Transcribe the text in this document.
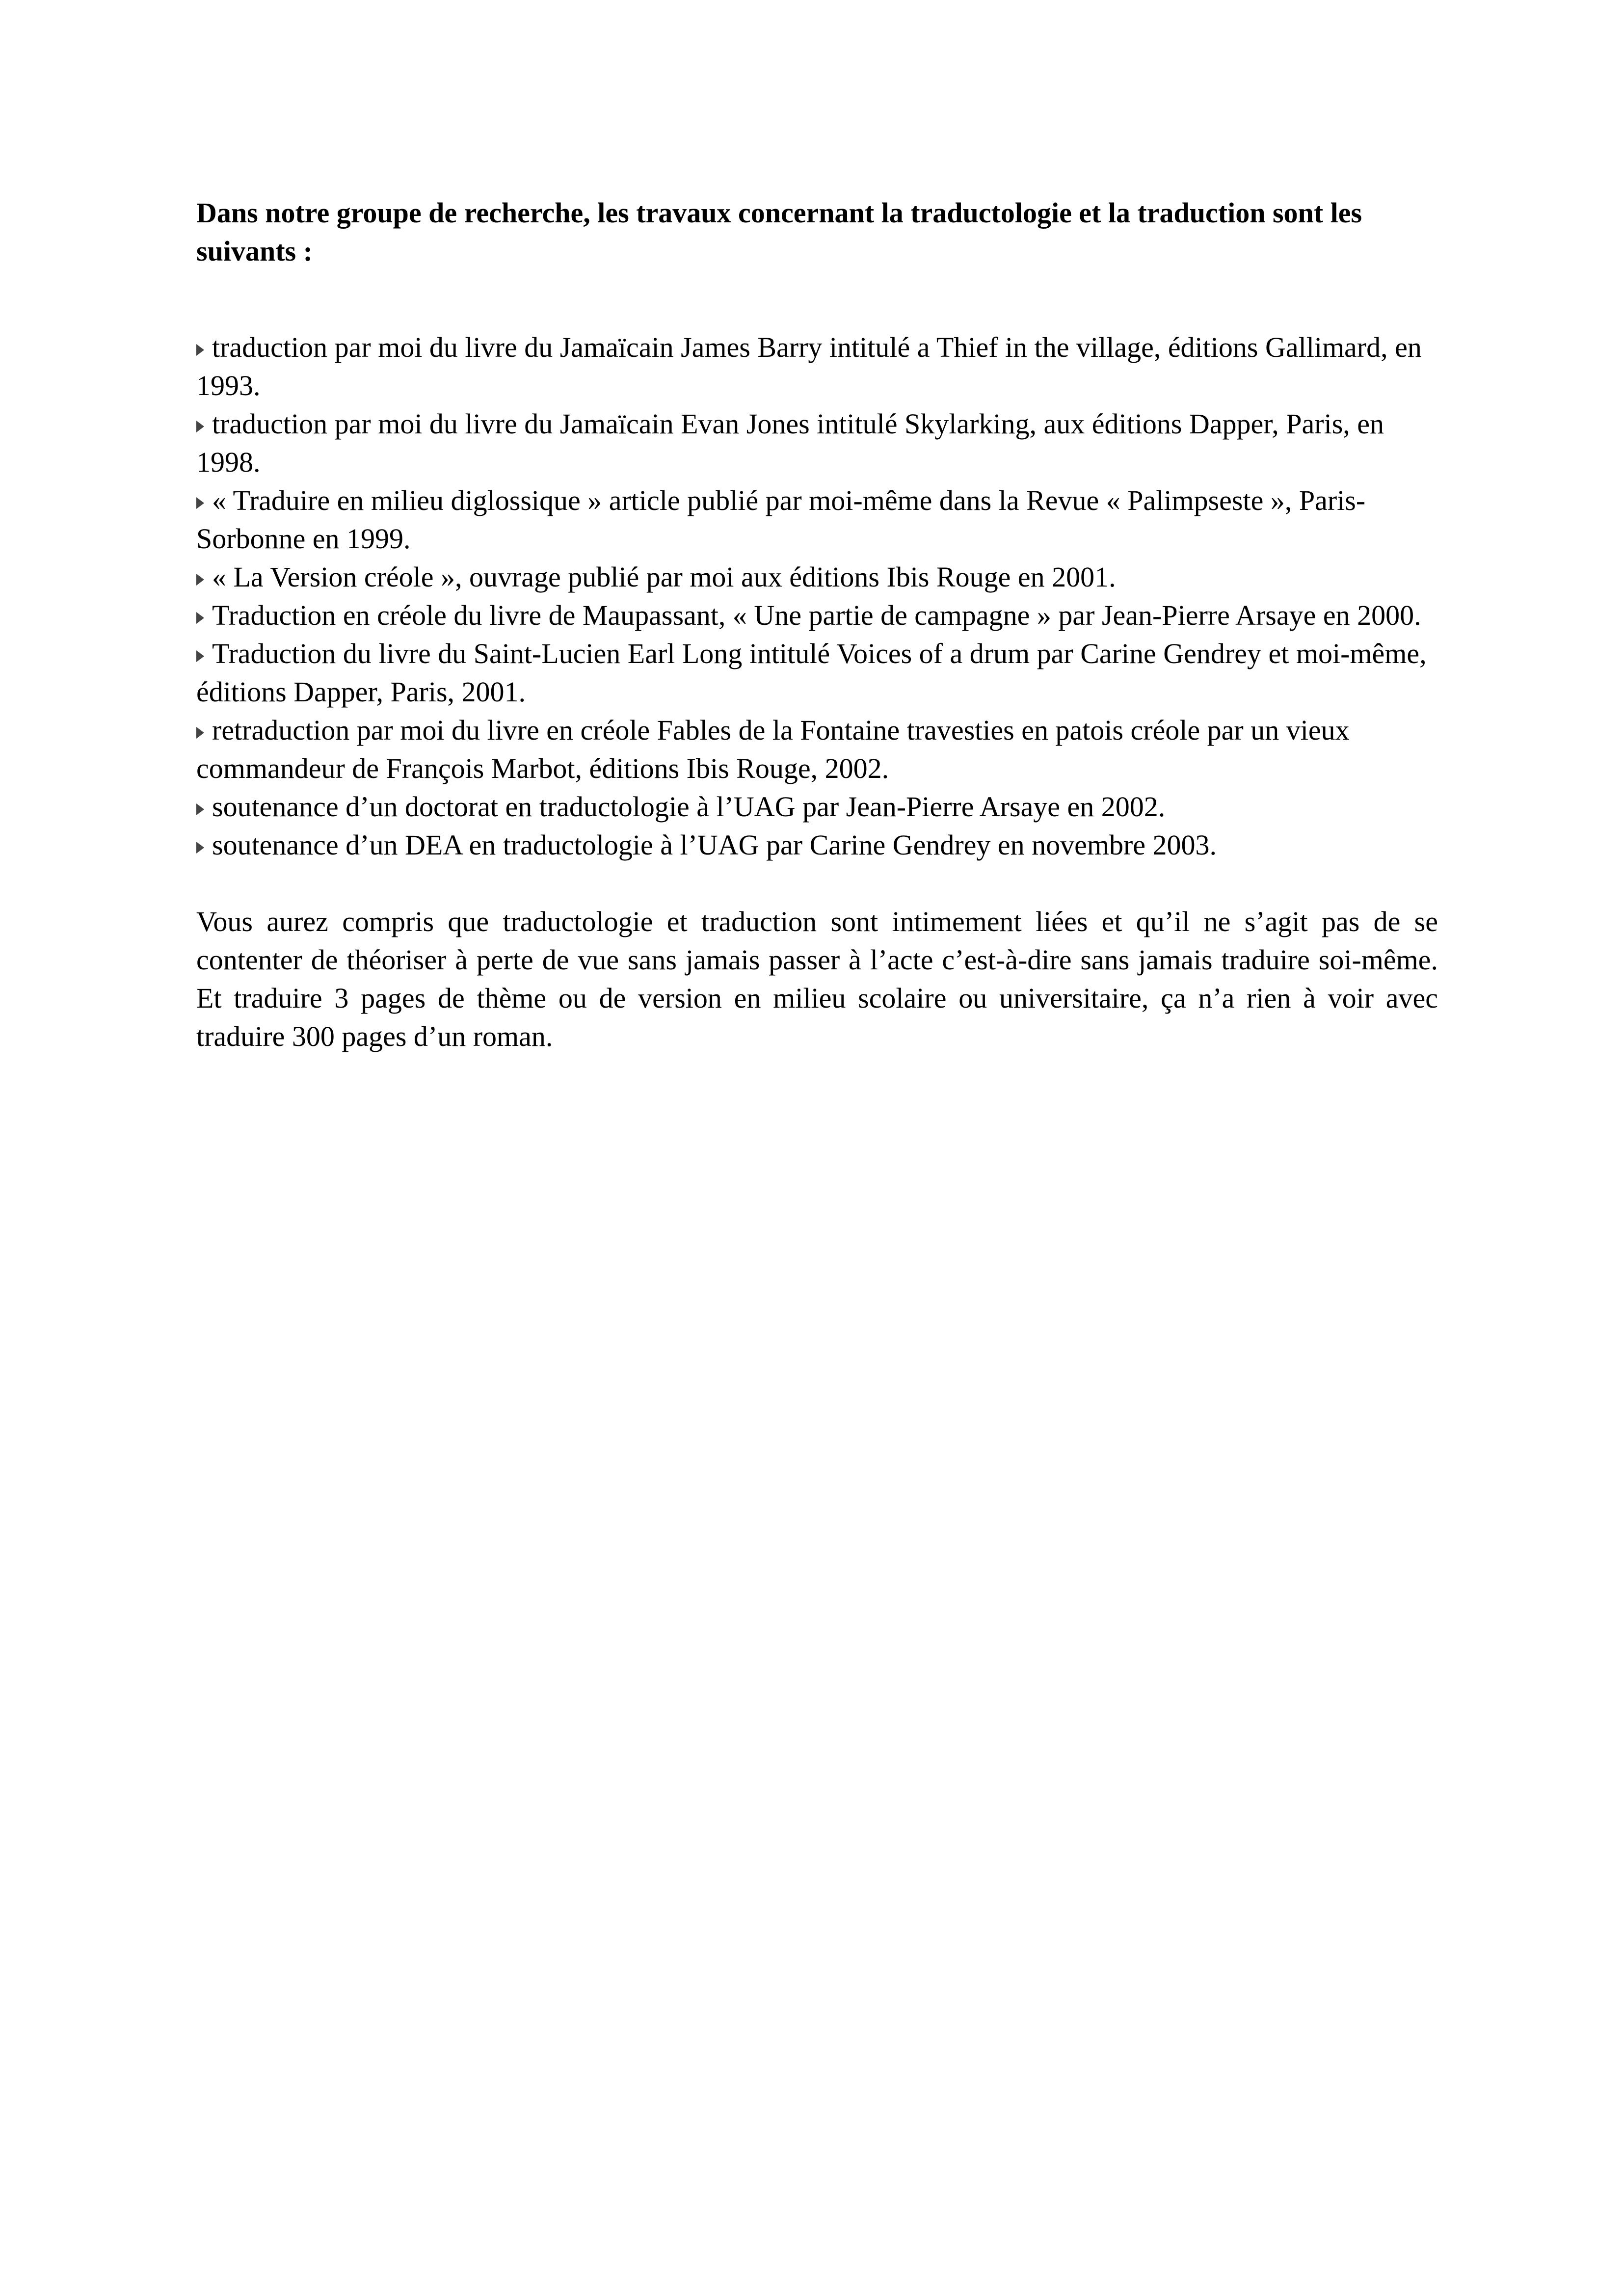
Dans notre groupe de recherche, les travaux concernant la traductologie et la traduction sont les suivants :

traduction par moi du livre du Jamaïcain James Barry intitulé a Thief in the village, éditions Gallimard, en 1993.
traduction par moi du livre du Jamaïcain Evan Jones intitulé Skylarking, aux éditions Dapper, Paris, en 1998.
« Traduire en milieu diglossique » article publié par moi-même dans la Revue « Palimpseste », Paris-Sorbonne en 1999.
« La Version créole », ouvrage publié par moi aux éditions Ibis Rouge en 2001.
Traduction en créole du livre de Maupassant, « Une partie de campagne » par Jean-Pierre Arsaye en 2000.
Traduction du livre du Saint-Lucien Earl Long intitulé Voices of a drum par Carine Gendrey et moi-même, éditions Dapper, Paris, 2001.
retraduction par moi du livre en créole Fables de la Fontaine travesties en patois créole par un vieux commandeur de François Marbot, éditions Ibis Rouge, 2002.
soutenance d’un doctorat en traductologie à l’UAG par Jean-Pierre Arsaye en 2002.
soutenance d’un DEA en traductologie à l’UAG par Carine Gendrey en novembre 2003.

Vous aurez compris que traductologie et traduction sont intimement liées et qu’il ne s’agit pas de se contenter de théoriser à perte de vue sans jamais passer à l’acte c’est-à-dire sans jamais traduire soi-même. Et traduire 3 pages de thème ou de version en milieu scolaire ou universitaire, ça n’a rien à voir avec traduire 300 pages d’un roman.
